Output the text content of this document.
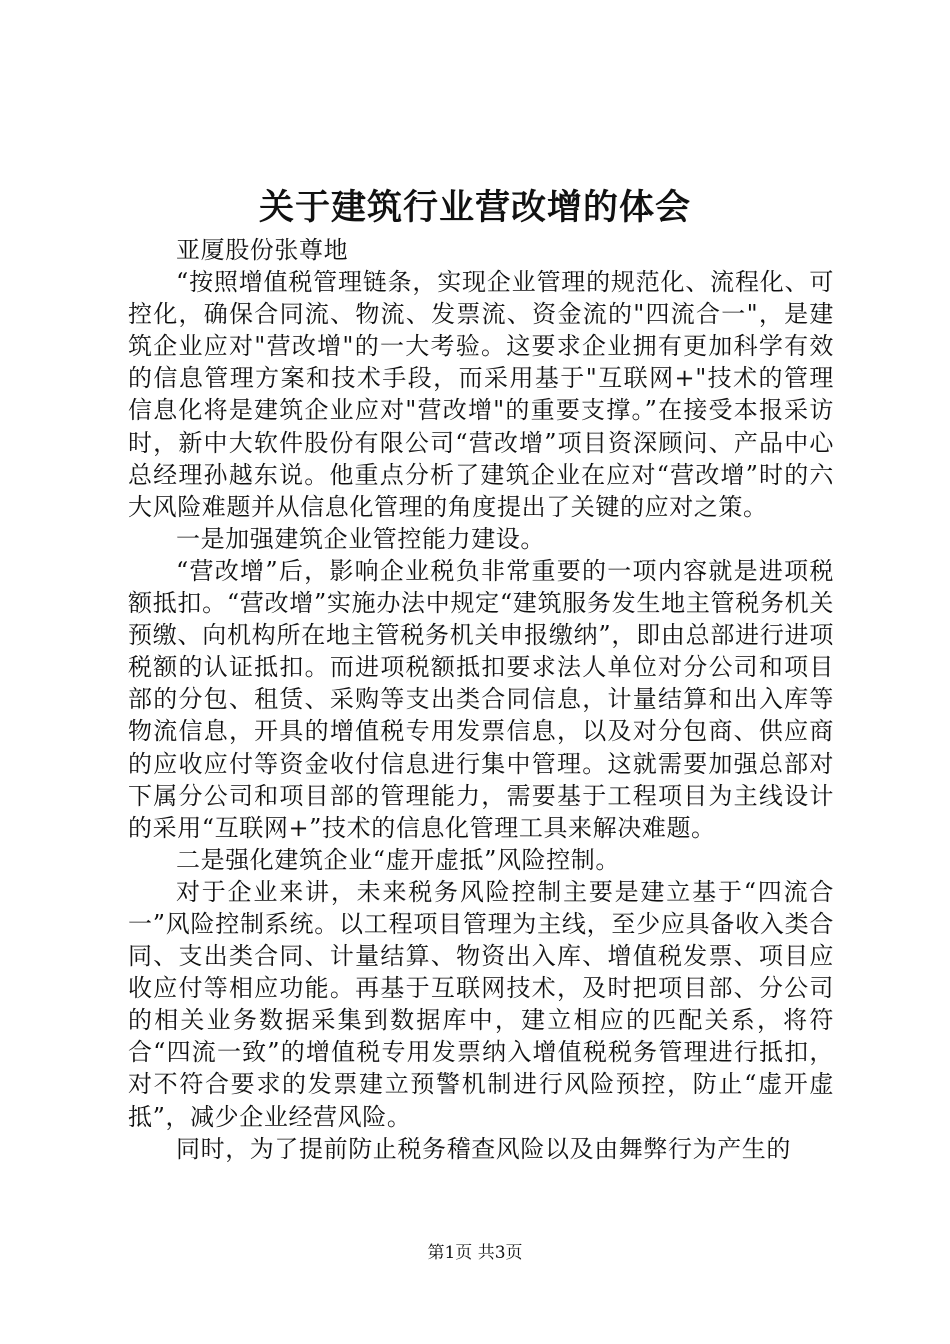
关于建筑行业营改增的体会

亚厦股份张尊地

“按照增值税管理链条，实现企业管理的规范化、流程化、可控化，确保合同流、物流、发票流、资金流的"四流合一"，是建筑企业应对"营改增"的一大考验。这要求企业拥有更加科学有效的信息管理方案和技术手段，而采用基于"互联网+"技术的管理信息化将是建筑企业应对"营改增"的重要支撑。”在接受本报采访时，新中大软件股份有限公司“营改增”项目资深顾问、产品中心总经理孙越东说。他重点分析了建筑企业在应对“营改增”时的六大风险难题并从信息化管理的角度提出了关键的应对之策。

一是加强建筑企业管控能力建设。

“营改增”后，影响企业税负非常重要的一项内容就是进项税额抵扣。“营改增”实施办法中规定“建筑服务发生地主管税务机关预缴、向机构所在地主管税务机关申报缴纳”，即由总部进行进项税额的认证抵扣。而进项税额抵扣要求法人单位对分公司和项目部的分包、租赁、采购等支出类合同信息，计量结算和出入库等物流信息，开具的增值税专用发票信息，以及对分包商、供应商的应收应付等资金收付信息进行集中管理。这就需要加强总部对下属分公司和项目部的管理能力，需要基于工程项目为主线设计的采用“互联网+”技术的信息化管理工具来解决难题。

二是强化建筑企业“虚开虚抵”风险控制。

对于企业来讲，未来税务风险控制主要是建立基于“四流合一”风险控制系统。以工程项目管理为主线，至少应具备收入类合同、支出类合同、计量结算、物资出入库、增值税发票、项目应收应付等相应功能。再基于互联网技术，及时把项目部、分公司的相关业务数据采集到数据库中，建立相应的匹配关系，将符合“四流一致”的增值税专用发票纳入增值税税务管理进行抵扣，对不符合要求的发票建立预警机制进行风险预控，防止“虚开虚抵”，减少企业经营风险。

同时，为了提前防止税务稽查风险以及由舞弊行为产生的

第1页 共3页
